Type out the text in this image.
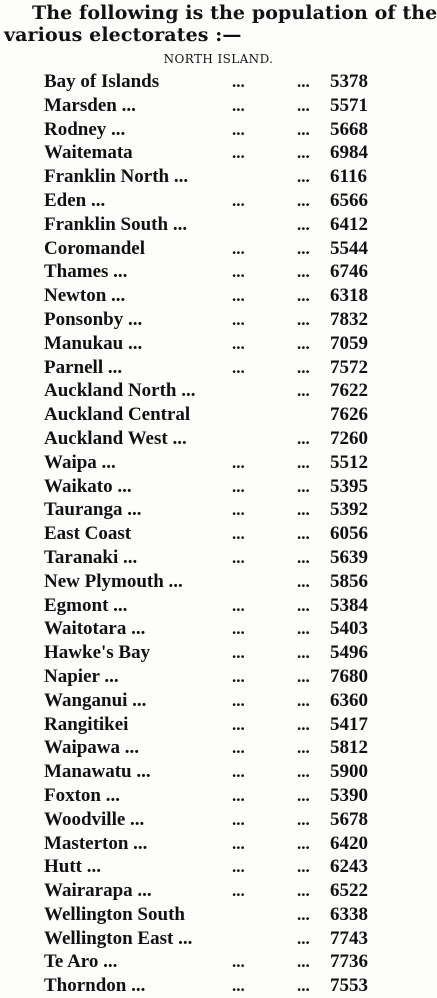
The following is the population of the
various electorates :—
NORTH ISLAND.
Bay of Islands	...	... 5378
Marsden ...	...	... 5571
Rodney ...	...	... 5668
Waitemata	...	... 6984
Franklin North ...	... 6116
Eden ...	...	... 6566
Franklin South ...	... 6412
Coromandel	...	... 5544
Thames ...	...	... 6746
Newton ...	...	... 6318
Ponsonby ...	...	... 7832
Manukau ...	...	... 7059
Parnell ...	...	... 7572
Auckland North ...	... 7622
Auckland Central	7626
Auckland West ...	... 7260
Waipa ...	...	... 5512
Waikato ...	...	... 5395
Tauranga ...	...	... 5392
East Coast	...	... 6056
Taranaki ...	...	... 5639
New Plymouth ...	... 5856
Egmont ...	...	... 5384
Waitotara ...	...	... 5403
Hawke's Bay	...	... 5496
Napier ...	...	... 7680
Wanganui ...	...	... 6360
Rangitikei	...	... 5417
Waipawa ...	...	... 5812
Manawatu ...	...	... 5900
Foxton ...	...	... 5390
Woodville ...	...	... 5678
Masterton ...	...	... 6420
Hutt ...	...	... 6243
Wairarapa ...	...	... 6522
Wellington South	... 6338
Wellington East ...	... 7743
Te Aro ...	...	... 7736
Thorndon ...	...	... 7553
